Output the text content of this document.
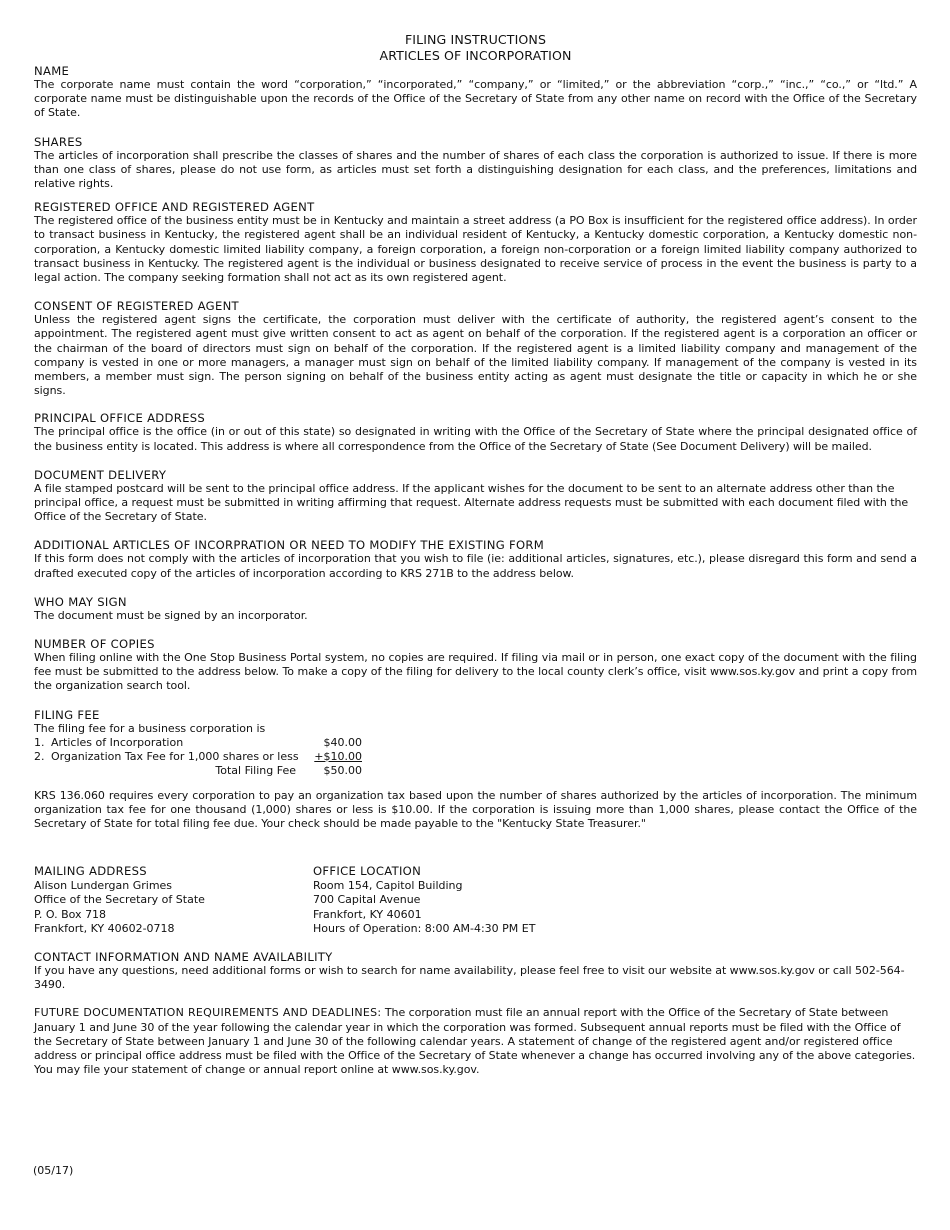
FILING INSTRUCTIONS
ARTICLES OF INCORPORATION
NAME
The corporate name must contain the word “corporation,” “incorporated,” “company,” or “limited,” or the abbreviation “corp.,” “inc.,” “co.,” or “ltd.” A corporate name must be distinguishable upon the records of the Office of the Secretary of State from any other name on record with the Office of the Secretary of State.
SHARES
The articles of incorporation shall prescribe the classes of shares and the number of shares of each class the corporation is authorized to issue. If there is more than one class of shares, please do not use form, as articles must set forth a distinguishing designation for each class, and the preferences, limitations and relative rights.
REGISTERED OFFICE AND REGISTERED AGENT
The registered office of the business entity must be in Kentucky and maintain a street address (a PO Box is insufficient for the registered office address). In order to transact business in Kentucky, the registered agent shall be an individual resident of Kentucky, a Kentucky domestic corporation, a Kentucky domestic non-corporation, a Kentucky domestic limited liability company, a foreign corporation, a foreign non-corporation or a foreign limited liability company authorized to transact business in Kentucky. The registered agent is the individual or business designated to receive service of process in the event the business is party to a legal action. The company seeking formation shall not act as its own registered agent.
CONSENT OF REGISTERED AGENT
Unless the registered agent signs the certificate, the corporation must deliver with the certificate of authority, the registered agent’s consent to the appointment. The registered agent must give written consent to act as agent on behalf of the corporation. If the registered agent is a corporation an officer or the chairman of the board of directors must sign on behalf of the corporation. If the registered agent is a limited liability company and management of the company is vested in one or more managers, a manager must sign on behalf of the limited liability company. If management of the company is vested in its members, a member must sign. The person signing on behalf of the business entity acting as agent must designate the title or capacity in which he or she signs.
PRINCIPAL OFFICE ADDRESS
The principal office is the office (in or out of this state) so designated in writing with the Office of the Secretary of State where the principal designated office of the business entity is located. This address is where all correspondence from the Office of the Secretary of State (See Document Delivery) will be mailed.
DOCUMENT DELIVERY
A file stamped postcard will be sent to the principal office address. If the applicant wishes for the document to be sent to an alternate address other than the principal office, a request must be submitted in writing affirming that request. Alternate address requests must be submitted with each document filed with the Office of the Secretary of State.
ADDITIONAL ARTICLES OF INCORPRATION OR NEED TO MODIFY THE EXISTING FORM
If this form does not comply with the articles of incorporation that you wish to file (ie: additional articles, signatures, etc.), please disregard this form and send a drafted executed copy of the articles of incorporation according to KRS 271B to the address below.
WHO MAY SIGN
The document must be signed by an incorporator.
NUMBER OF COPIES
When filing online with the One Stop Business Portal system, no copies are required. If filing via mail or in person, one exact copy of the document with the filing fee must be submitted to the address below. To make a copy of the filing for delivery to the local county clerk’s office, visit www.sos.ky.gov and print a copy from the organization search tool.
FILING FEE
The filing fee for a business corporation is
1. Articles of Incorporation	$40.00
2. Organization Tax Fee for 1,000 shares or less	+$10.00
Total Filing Fee	$50.00
KRS 136.060 requires every corporation to pay an organization tax based upon the number of shares authorized by the articles of incorporation. The minimum organization tax fee for one thousand (1,000) shares or less is $10.00. If the corporation is issuing more than 1,000 shares, please contact the Office of the Secretary of State for total filing fee due. Your check should be made payable to the "Kentucky State Treasurer."
MAILING ADDRESS
Alison Lundergan Grimes
Office of the Secretary of State
P. O. Box 718
Frankfort, KY 40602-0718
OFFICE LOCATION
Room 154, Capitol Building
700 Capital Avenue
Frankfort, KY 40601
Hours of Operation: 8:00 AM-4:30 PM ET
CONTACT INFORMATION AND NAME AVAILABILITY
If you have any questions, need additional forms or wish to search for name availability, please feel free to visit our website at www.sos.ky.gov or call 502-564-3490.
FUTURE DOCUMENTATION REQUIREMENTS AND DEADLINES: The corporation must file an annual report with the Office of the Secretary of State between January 1 and June 30 of the year following the calendar year in which the corporation was formed. Subsequent annual reports must be filed with the Office of the Secretary of State between January 1 and June 30 of the following calendar years. A statement of change of the registered agent and/or registered office address or principal office address must be filed with the Office of the Secretary of State whenever a change has occurred involving any of the above categories. You may file your statement of change or annual report online at www.sos.ky.gov.
(05/17)
